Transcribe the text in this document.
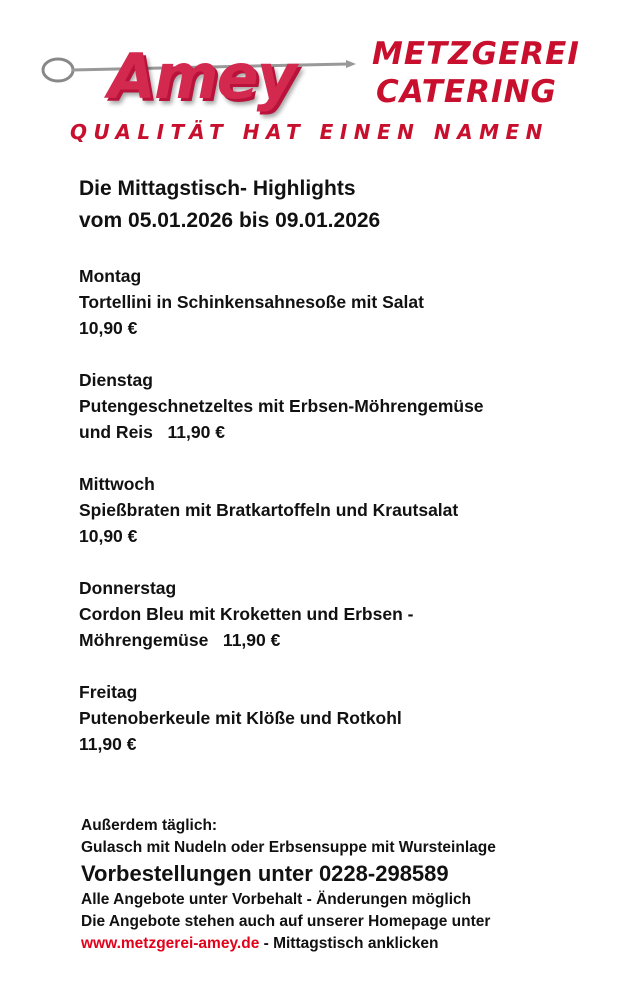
Amey METZGEREI
CATERING
QUALITÄT HAT EINEN NAMEN
Die Mittagstisch- Highlights
vom 05.01.2026 bis 09.01.2026
Montag
Tortellini in Schinkensahnesoße mit Salat
10,90 €
Dienstag
Putengeschnetzeltes mit Erbsen-Möhrengemüse
und Reis 11,90 €
Mittwoch
Spießbraten mit Bratkartoffeln und Krautsalat
10,90 €
Donnerstag
Cordon Bleu mit Kroketten und Erbsen -
Möhrengemüse 11,90 €
Freitag
Putenoberkeule mit Klöße und Rotkohl
11,90 €
Außerdem täglich:
Gulasch mit Nudeln oder Erbsensuppe mit Wursteinlage
Vorbestellungen unter 0228-298589
Alle Angebote unter Vorbehalt - Änderungen möglich
Die Angebote stehen auch auf unserer Homepage unter
www.metzgerei-amey.de - Mittagstisch anklicken
